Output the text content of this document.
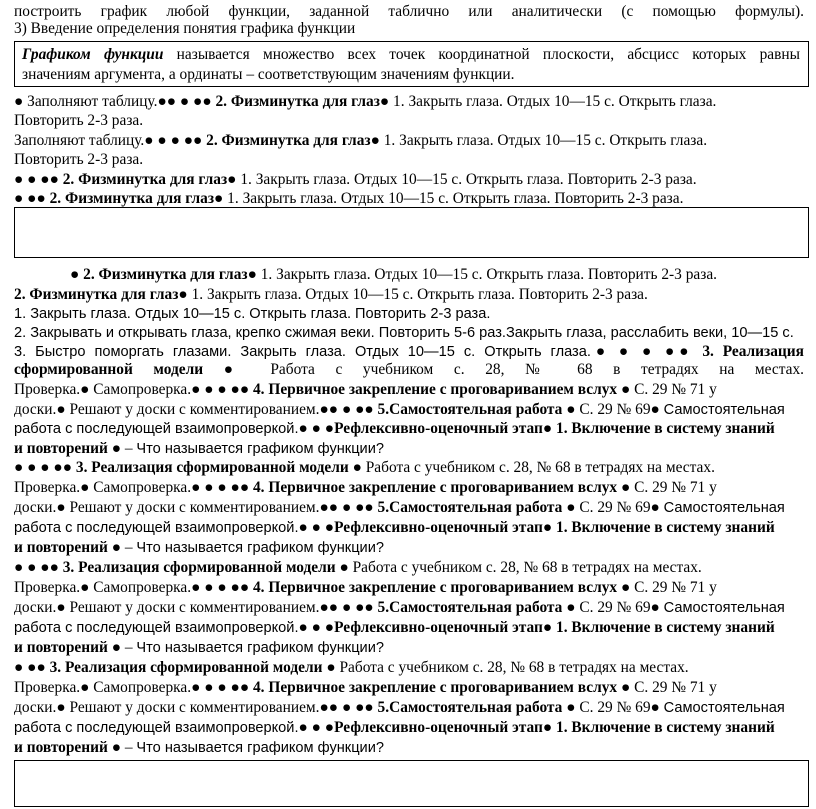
построить график любой функции, заданной таблично или аналитически (с помощью формулы).
3) Введение определения понятия графика функции
Графиком функции называется множество всех точек координатной плоскости, абсцисс которых равны
значениям аргумента, а ординаты – соответствующим значениям функции.
● Заполняют таблицу.●● ● ●● 2. Физминутка для глаз● 1. Закрыть глаза. Отдых 10—15 с. Открыть глаза.
Повторить 2-3 раза.
Заполняют таблицу.● ● ● ●● 2. Физминутка для глаз● 1. Закрыть глаза. Отдых 10—15 с. Открыть глаза.
Повторить 2-3 раза.
● ● ●● 2. Физминутка для глаз● 1. Закрыть глаза. Отдых 10—15 с. Открыть глаза. Повторить 2-3 раза.
● ●● 2. Физминутка для глаз● 1. Закрыть глаза. Отдых 10—15 с. Открыть глаза. Повторить 2-3 раза.
● 2. Физминутка для глаз● 1. Закрыть глаза. Отдых 10—15 с. Открыть глаза. Повторить 2-3 раза.
2. Физминутка для глаз● 1. Закрыть глаза. Отдых 10—15 с. Открыть глаза. Повторить 2-3 раза.
1. Закрыть глаза. Отдых 10—15 с. Открыть глаза. Повторить 2-3 раза.
2. Закрывать и открывать глаза, крепко сжимая веки. Повторить 5-6 раз.Закрыть глаза, расслабить веки, 10—15 с.
3. Быстро поморгать глазами. Закрыть глаза. Отдых 10—15 с. Открыть глаза.● ● ● ●● 3. Реализация
сформированной модели ● Работа с учебником с. 28, № 68 в тетрадях на местах.
Проверка.● Самопроверка.● ● ● ●● 4. Первичное закрепление с проговариванием вслух ● С. 29 № 71 у
доски.● Решают у доски с комментированием.●● ● ●● 5.Самостоятельная работа ● С. 29 № 69● Самостоятельная
работа с последующей взаимопроверкой.● ● ●Рефлексивно-оценочный этап● 1. Включение в систему знаний
и повторений ● – Что называется графиком функции?
● ● ● ●● 3. Реализация сформированной модели ● Работа с учебником с. 28, № 68 в тетрадях на местах.
Проверка.● Самопроверка.● ● ● ●● 4. Первичное закрепление с проговариванием вслух ● С. 29 № 71 у
доски.● Решают у доски с комментированием.●● ● ●● 5.Самостоятельная работа ● С. 29 № 69● Самостоятельная
работа с последующей взаимопроверкой.● ● ●Рефлексивно-оценочный этап● 1. Включение в систему знаний
и повторений ● – Что называется графиком функции?
● ● ●● 3. Реализация сформированной модели ● Работа с учебником с. 28, № 68 в тетрадях на местах.
Проверка.● Самопроверка.● ● ● ●● 4. Первичное закрепление с проговариванием вслух ● С. 29 № 71 у
доски.● Решают у доски с комментированием.●● ● ●● 5.Самостоятельная работа ● С. 29 № 69● Самостоятельная
работа с последующей взаимопроверкой.● ● ●Рефлексивно-оценочный этап● 1. Включение в систему знаний
и повторений ● – Что называется графиком функции?
● ●● 3. Реализация сформированной модели ● Работа с учебником с. 28, № 68 в тетрадях на местах.
Проверка.● Самопроверка.● ● ● ●● 4. Первичное закрепление с проговариванием вслух ● С. 29 № 71 у
доски.● Решают у доски с комментированием.●● ● ●● 5.Самостоятельная работа ● С. 29 № 69● Самостоятельная
работа с последующей взаимопроверкой.● ● ●Рефлексивно-оценочный этап● 1. Включение в систему знаний
и повторений ● – Что называется графиком функции?
